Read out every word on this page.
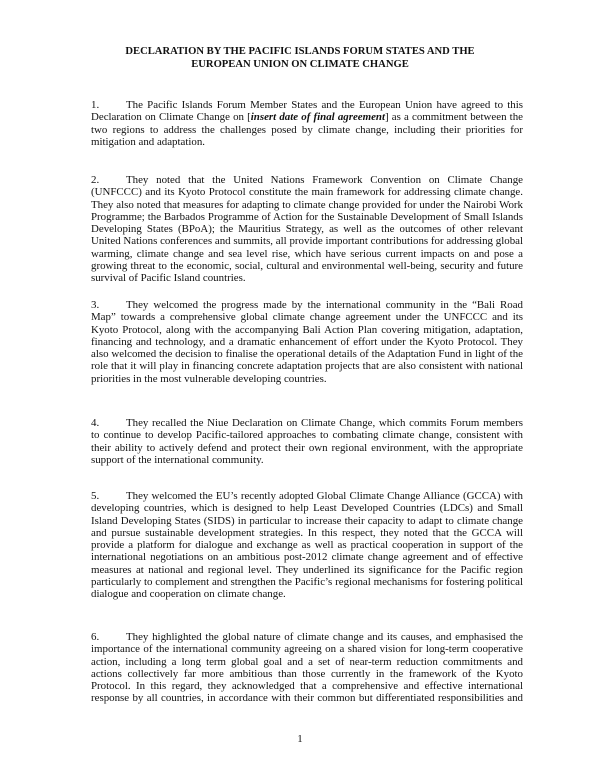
DECLARATION BY THE PACIFIC ISLANDS FORUM STATES AND THE
EUROPEAN UNION ON CLIMATE CHANGE

1. The Pacific Islands Forum Member States and the European Union have agreed to this Declaration on Climate Change on [insert date of final agreement] as a commitment between the two regions to address the challenges posed by climate change, including their priorities for mitigation and adaptation.

2. They noted that the United Nations Framework Convention on Climate Change (UNFCCC) and its Kyoto Protocol constitute the main framework for addressing climate change. They also noted that measures for adapting to climate change provided for under the Nairobi Work Programme; the Barbados Programme of Action for the Sustainable Development of Small Islands Developing States (BPoA); the Mauritius Strategy, as well as the outcomes of other relevant United Nations conferences and summits, all provide important contributions for addressing global warming, climate change and sea level rise, which have serious current impacts on and pose a growing threat to the economic, social, cultural and environmental well-being, security and future survival of Pacific Island countries.

3. They welcomed the progress made by the international community in the “Bali Road Map” towards a comprehensive global climate change agreement under the UNFCCC and its Kyoto Protocol, along with the accompanying Bali Action Plan covering mitigation, adaptation, financing and technology, and a dramatic enhancement of effort under the Kyoto Protocol. They also welcomed the decision to finalise the operational details of the Adaptation Fund in light of the role that it will play in financing concrete adaptation projects that are also consistent with national priorities in the most vulnerable developing countries.

4. They recalled the Niue Declaration on Climate Change, which commits Forum members to continue to develop Pacific-tailored approaches to combating climate change, consistent with their ability to actively defend and protect their own regional environment, with the appropriate support of the international community.

5. They welcomed the EU’s recently adopted Global Climate Change Alliance (GCCA) with developing countries, which is designed to help Least Developed Countries (LDCs) and Small Island Developing States (SIDS) in particular to increase their capacity to adapt to climate change and pursue sustainable development strategies. In this respect, they noted that the GCCA will provide a platform for dialogue and exchange as well as practical cooperation in support of the international negotiations on an ambitious post-2012 climate change agreement and of effective measures at national and regional level. They underlined its significance for the Pacific region particularly to complement and strengthen the Pacific’s regional mechanisms for fostering political dialogue and cooperation on climate change.

6. They highlighted the global nature of climate change and its causes, and emphasised the importance of the international community agreeing on a shared vision for long-term cooperative action, including a long term global goal and a set of near-term reduction commitments and actions collectively far more ambitious than those currently in the framework of the Kyoto Protocol. In this regard, they acknowledged that a comprehensive and effective international response by all countries, in accordance with their common but differentiated responsibilities and

1
